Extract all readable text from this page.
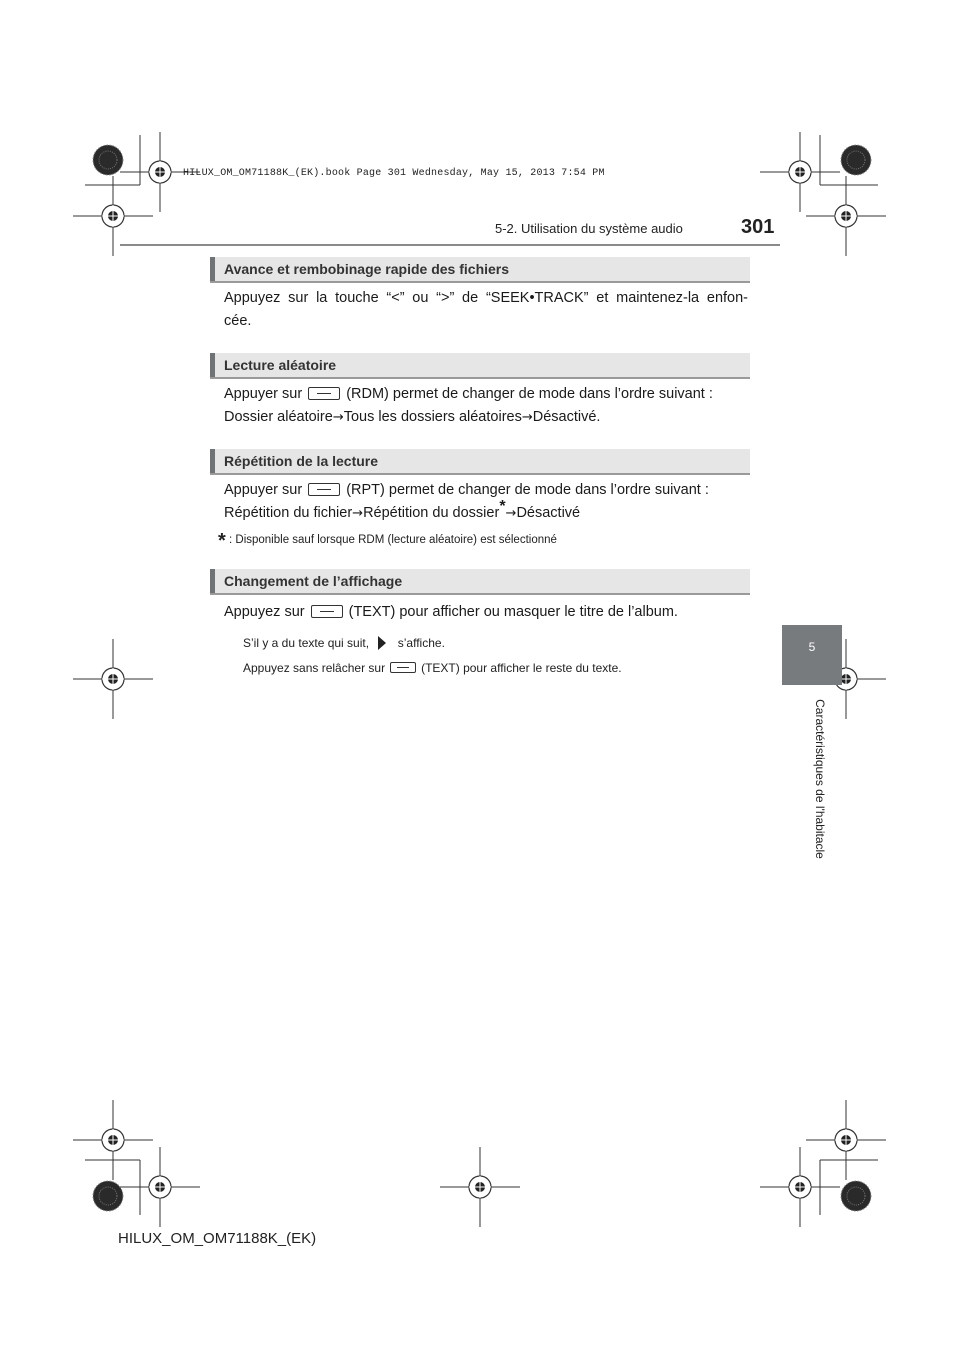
HILUX_OM_OM71188K_(EK).book Page 301 Wednesday, May 15, 2013 7:54 PM
5-2. Utilisation du système audio	301
5
Caractéristiques de l'habitacle
Avance et rembobinage rapide des fichiers
Appuyez sur la touche “<” ou “>” de “SEEK•TRACK” et maintenez-la enfon-
cée.
Lecture aléatoire
Appuyer sur	(RDM) permet de changer de mode dans l’ordre suivant :
Dossier aléatoire→Tous les dossiers aléatoires→Désactivé.
Répétition de la lecture
Appuyer sur	(RPT) permet de changer de mode dans l’ordre suivant :
Répétition du fichier→Répétition du dossier*→Désactivé
* : Disponible sauf lorsque RDM (lecture aléatoire) est sélectionné
Changement de l’affichage
Appuyez sur	(TEXT) pour afficher ou masquer le titre de l’album.
S’il y a du texte qui suit, s’affiche.
Appuyez sans relâcher sur	(TEXT) pour afficher le reste du texte.
HILUX_OM_OM71188K_(EK)
